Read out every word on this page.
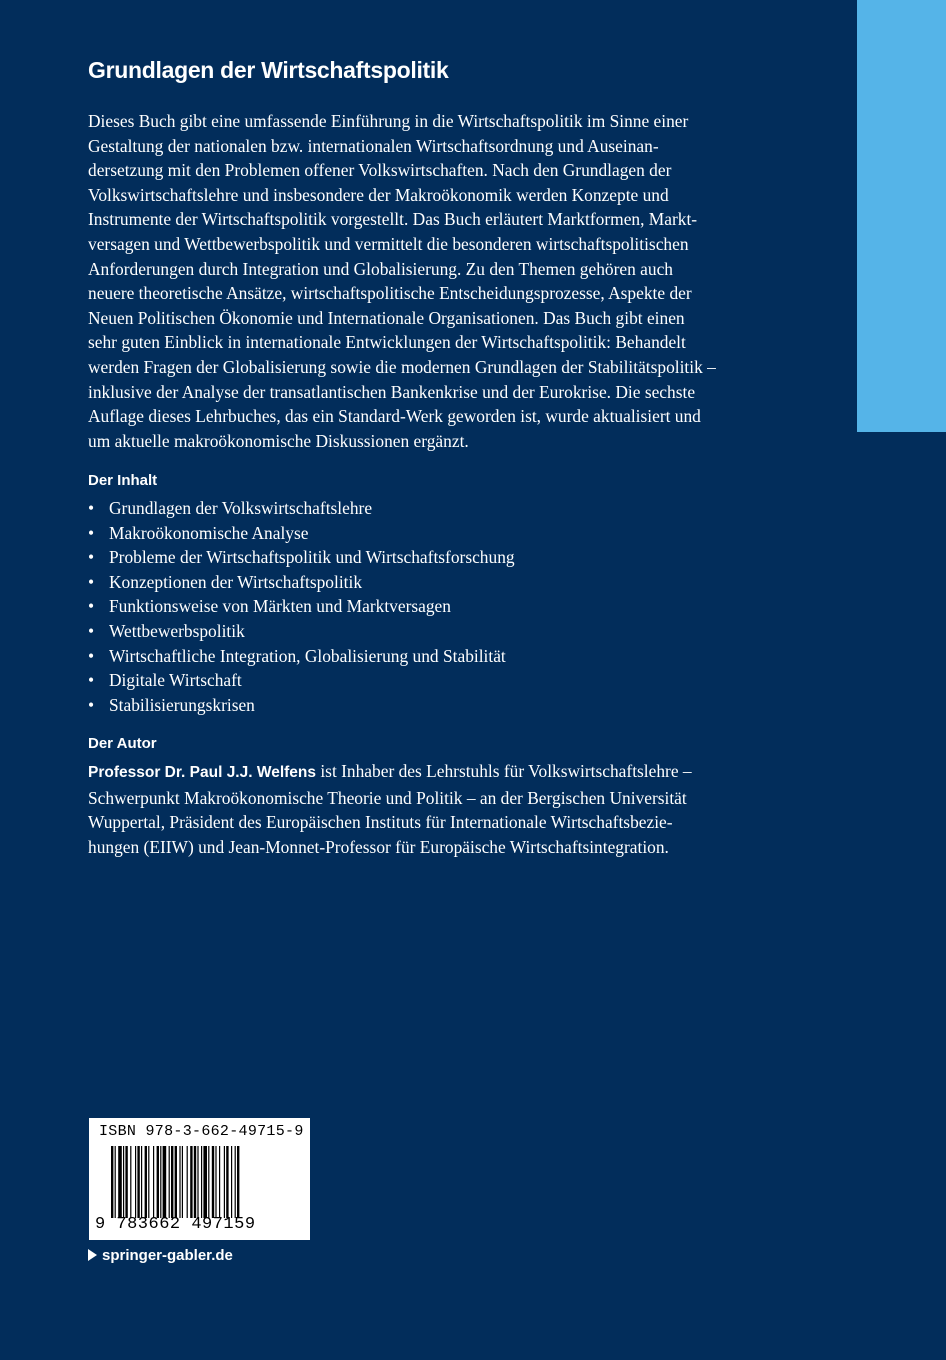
Grundlagen der Wirtschaftspolitik

Dieses Buch gibt eine umfassende Einführung in die Wirtschaftspolitik im Sinne einer
Gestaltung der nationalen bzw. internationalen Wirtschaftsordnung und Auseinan-
dersetzung mit den Problemen offener Volkswirtschaften. Nach den Grundlagen der
Volkswirtschaftslehre und insbesondere der Makroökonomik werden Konzepte und
Instrumente der Wirtschaftspolitik vorgestellt. Das Buch erläutert Marktformen, Markt-
versagen und Wettbewerbspolitik und vermittelt die besonderen wirtschaftspolitischen
Anforderungen durch Integration und Globalisierung. Zu den Themen gehören auch
neuere theoretische Ansätze, wirtschaftspolitische Entscheidungsprozesse, Aspekte der
Neuen Politischen Ökonomie und Internationale Organisationen. Das Buch gibt einen
sehr guten Einblick in internationale Entwicklungen der Wirtschaftspolitik: Behandelt
werden Fragen der Globalisierung sowie die modernen Grundlagen der Stabilitätspolitik –
inklusive der Analyse der transatlantischen Bankenkrise und der Eurokrise. Die sechste
Auflage dieses Lehrbuches, das ein Standard-Werk geworden ist, wurde aktualisiert und
um aktuelle makroökonomische Diskussionen ergänzt.

Der Inhalt
• Grundlagen der Volkswirtschaftslehre
• Makroökonomische Analyse
• Probleme der Wirtschaftspolitik und Wirtschaftsforschung
• Konzeptionen der Wirtschaftspolitik
• Funktionsweise von Märkten und Marktversagen
• Wettbewerbspolitik
• Wirtschaftliche Integration, Globalisierung und Stabilität
• Digitale Wirtschaft
• Stabilisierungskrisen
Der Autor

Professor Dr. Paul J.J. Welfens ist Inhaber des Lehrstuhls für Volkswirtschaftslehre –
Schwerpunkt Makroökonomische Theorie und Politik – an der Bergischen Universität
Wuppertal, Präsident des Europäischen Instituts für Internationale Wirtschaftsbezie-
hungen (EIIW) und Jean-Monnet-Professor für Europäische Wirtschaftsintegration.

ISBN 978-3-662-49715-9
9 783662 497159
springer-gabler.de
